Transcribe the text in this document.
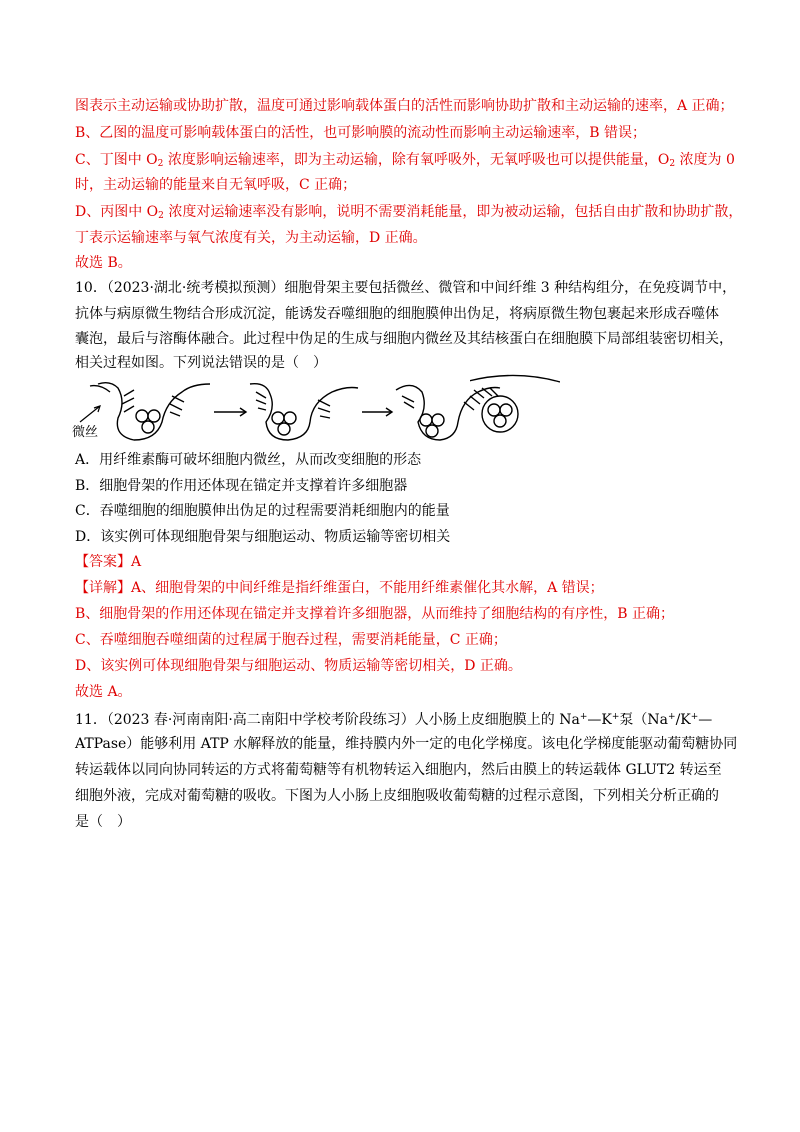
图表示主动运输或协助扩散，温度可通过影响载体蛋白的活性而影响协助扩散和主动运输的速率，A 正确；
B、乙图的温度可影响载体蛋白的活性，也可影响膜的流动性而影响主动运输速率，B 错误；
C、丁图中 $O_2$ 浓度影响运输速率，即为主动运输，除有氧呼吸外，无氧呼吸也可以提供能量，$O_2$ 浓度为 0
时，主动运输的能量来自无氧呼吸，C 正确；
D、丙图中 $O_2$ 浓度对运输速率没有影响，说明不需要消耗能量，即为被动运输，包括自由扩散和协助扩散，
丁表示运输速率与氧气浓度有关，为主动运输，D 正确。
故选 B。
10．（2023·湖北·统考模拟预测）细胞骨架主要包括微丝、微管和中间纤维 3 种结构组分，在免疫调节中，
抗体与病原微生物结合形成沉淀，能诱发吞噬细胞的细胞膜伸出伪足，将病原微生物包裹起来形成吞噬体
囊泡，最后与溶酶体融合。此过程中伪足的生成与细胞内微丝及其结核蛋白在细胞膜下局部组装密切相关，
相关过程如图。下列说法错误的是（　）
微丝
A．用纤维素酶可破坏细胞内微丝，从而改变细胞的形态
B．细胞骨架的作用还体现在锚定并支撑着许多细胞器
C．吞噬细胞的细胞膜伸出伪足的过程需要消耗细胞内的能量
D．该实例可体现细胞骨架与细胞运动、物质运输等密切相关
【答案】A
【详解】A、细胞骨架的中间纤维是指纤维蛋白，不能用纤维素催化其水解，A 错误；
B、细胞骨架的作用还体现在锚定并支撑着许多细胞器，从而维持了细胞结构的有序性，B 正确；
C、吞噬细胞吞噬细菌的过程属于胞吞过程，需要消耗能量，C 正确；
D、该实例可体现细胞骨架与细胞运动、物质运输等密切相关，D 正确。
故选 A。
11．（2023 春·河南南阳·高二南阳中学校考阶段练习）人小肠上皮细胞膜上的 Na+—K+泵（Na+/K+—
ATPase）能够利用 ATP 水解释放的能量，维持膜内外一定的电化学梯度。该电化学梯度能驱动葡萄糖协同
转运载体以同向协同转运的方式将葡萄糖等有机物转运入细胞内，然后由膜上的转运载体 GLUT2 转运至
细胞外液，完成对葡萄糖的吸收。下图为人小肠上皮细胞吸收葡萄糖的过程示意图，下列相关分析正确的
是（　）
